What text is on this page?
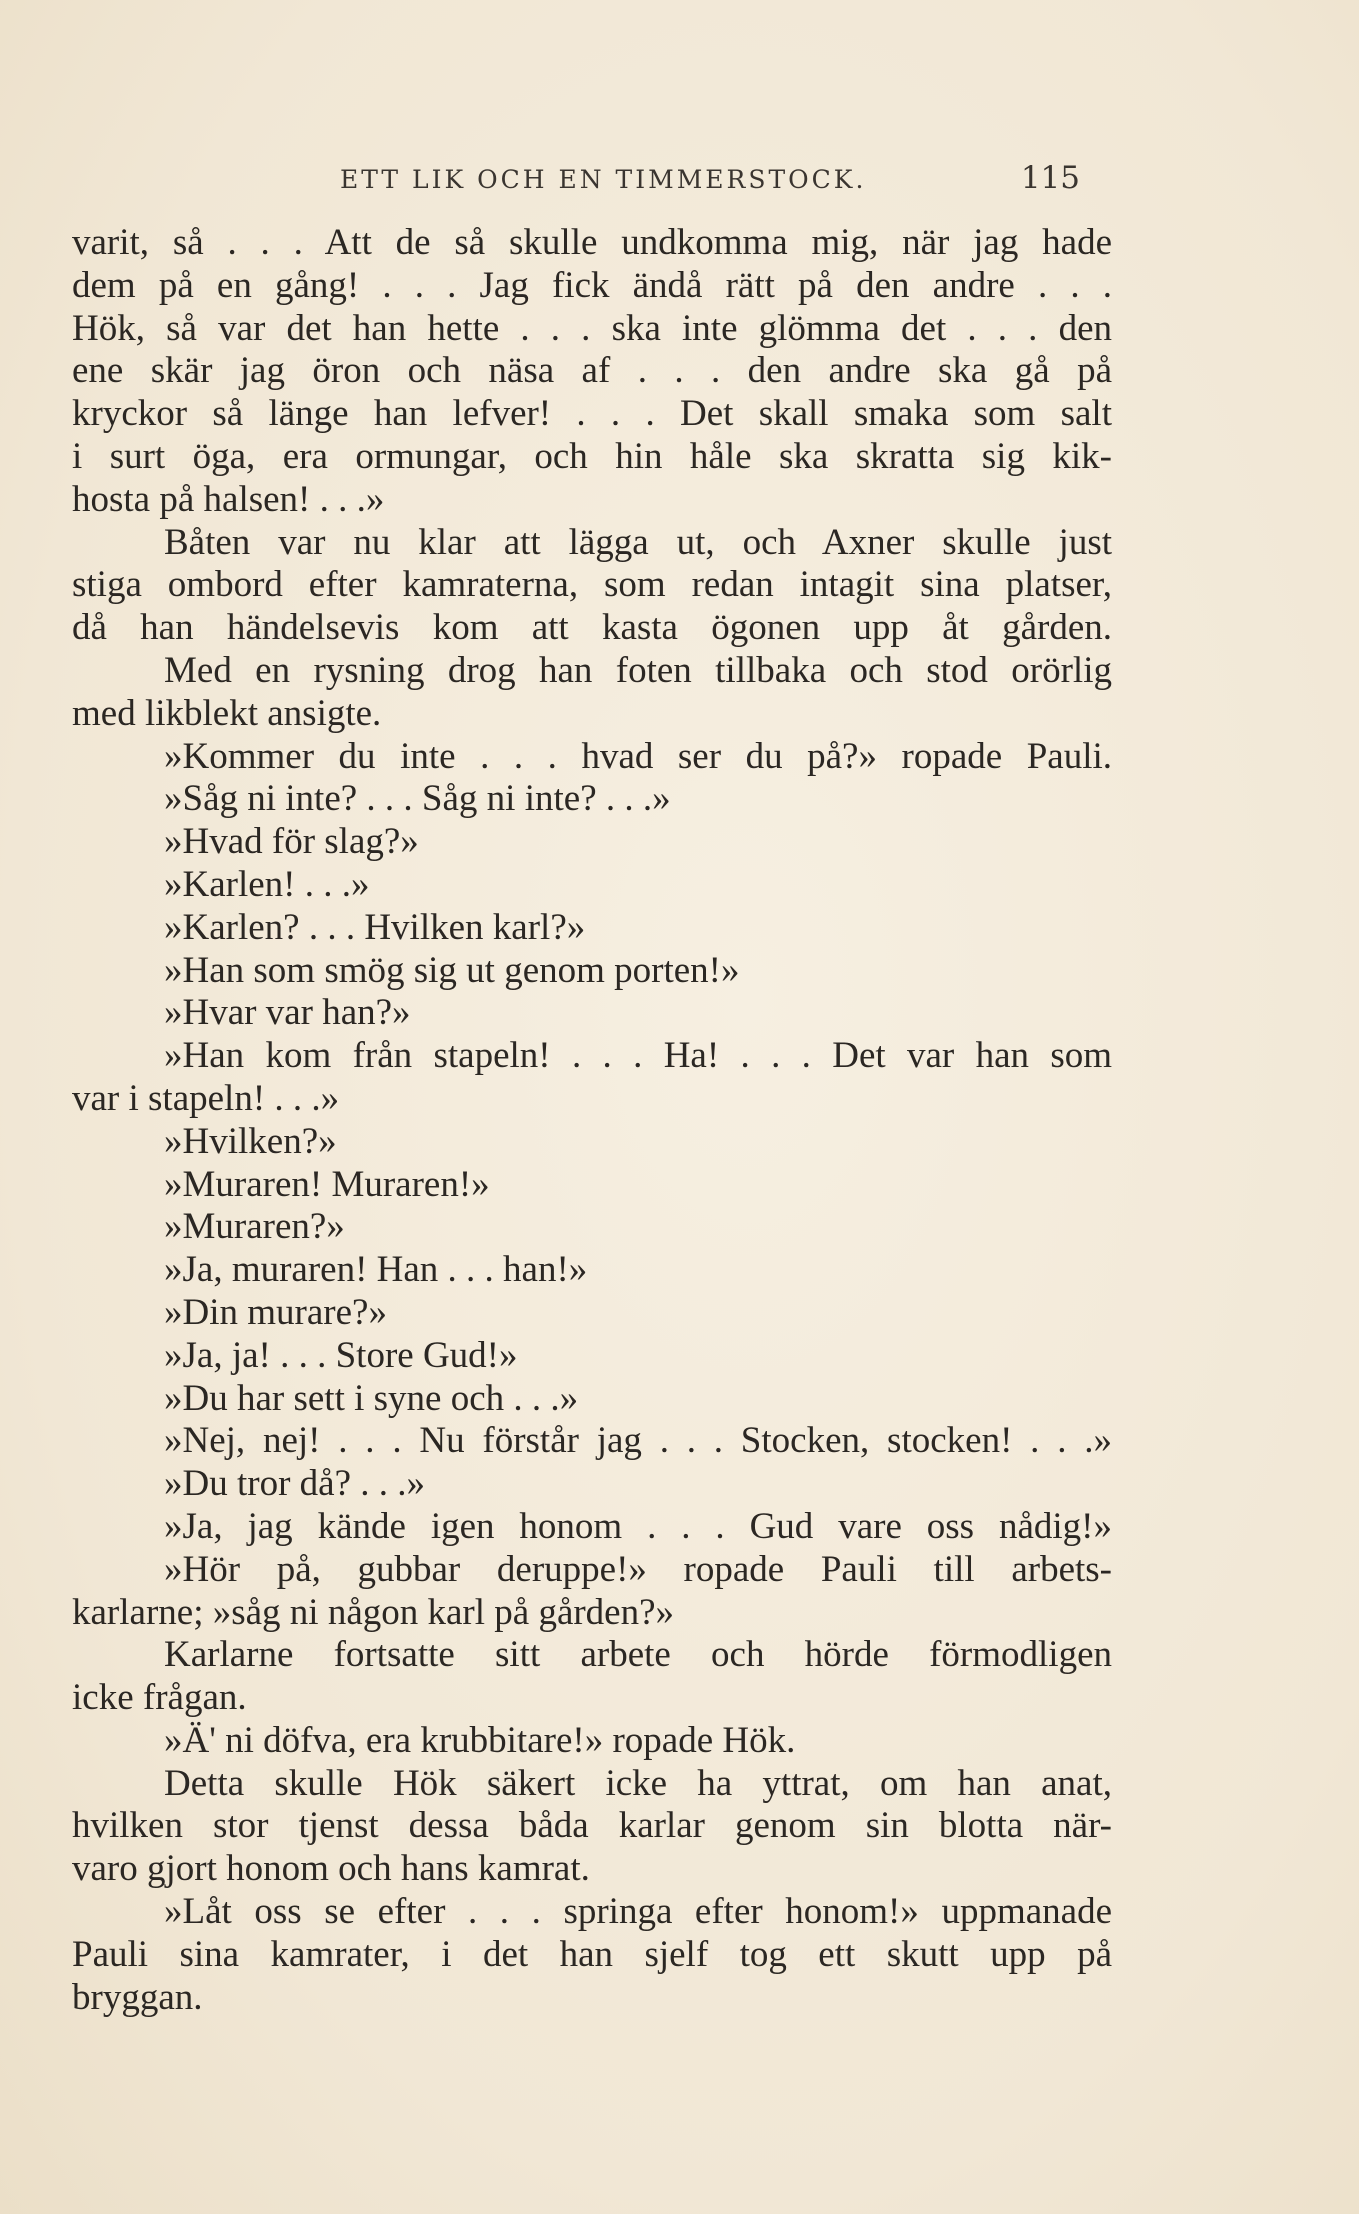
ETT LIK OCH EN TIMMERSTOCK.	115
varit, så . . . Att de så skulle undkomma mig, när jag hade
dem på en gång! . . . Jag fick ändå rätt på den andre . . .
Hök, så var det han hette . . . ska inte glömma det . . . den
ene skär jag öron och näsa af . . . den andre ska gå på
kryckor så länge han lefver! . . . Det skall smaka som salt
i surt öga, era ormungar, och hin håle ska skratta sig kik-
hosta på halsen! . . .»
Båten var nu klar att lägga ut, och Axner skulle just
stiga ombord efter kamraterna, som redan intagit sina platser,
då han händelsevis kom att kasta ögonen upp åt gården.
Med en rysning drog han foten tillbaka och stod orörlig
med likblekt ansigte.
»Kommer du inte . . . hvad ser du på?» ropade Pauli.
»Såg ni inte? . . . Såg ni inte? . . .»
»Hvad för slag?»
»Karlen! . . .»
»Karlen? . . . Hvilken karl?»
»Han som smög sig ut genom porten!»
»Hvar var han?»
»Han kom från stapeln! . . . Ha! . . . Det var han som
var i stapeln! . . .»
»Hvilken?»
»Muraren! Muraren!»
»Muraren?»
»Ja, muraren! Han . . . han!»
»Din murare?»
»Ja, ja! . . . Store Gud!»
»Du har sett i syne och . . .»
»Nej, nej! . . . Nu förstår jag . . . Stocken, stocken! . . .»
»Du tror då? . . .»
»Ja, jag kände igen honom . . . Gud vare oss nådig!»
»Hör på, gubbar deruppe!» ropade Pauli till arbets-
karlarne; »såg ni någon karl på gården?»
Karlarne fortsatte sitt arbete och hörde förmodligen
icke frågan.
»Ä' ni döfva, era krubbitare!» ropade Hök.
Detta skulle Hök säkert icke ha yttrat, om han anat,
hvilken stor tjenst dessa båda karlar genom sin blotta när-
varo gjort honom och hans kamrat.
»Låt oss se efter . . . springa efter honom!» uppmanade
Pauli sina kamrater, i det han sjelf tog ett skutt upp på
bryggan.
